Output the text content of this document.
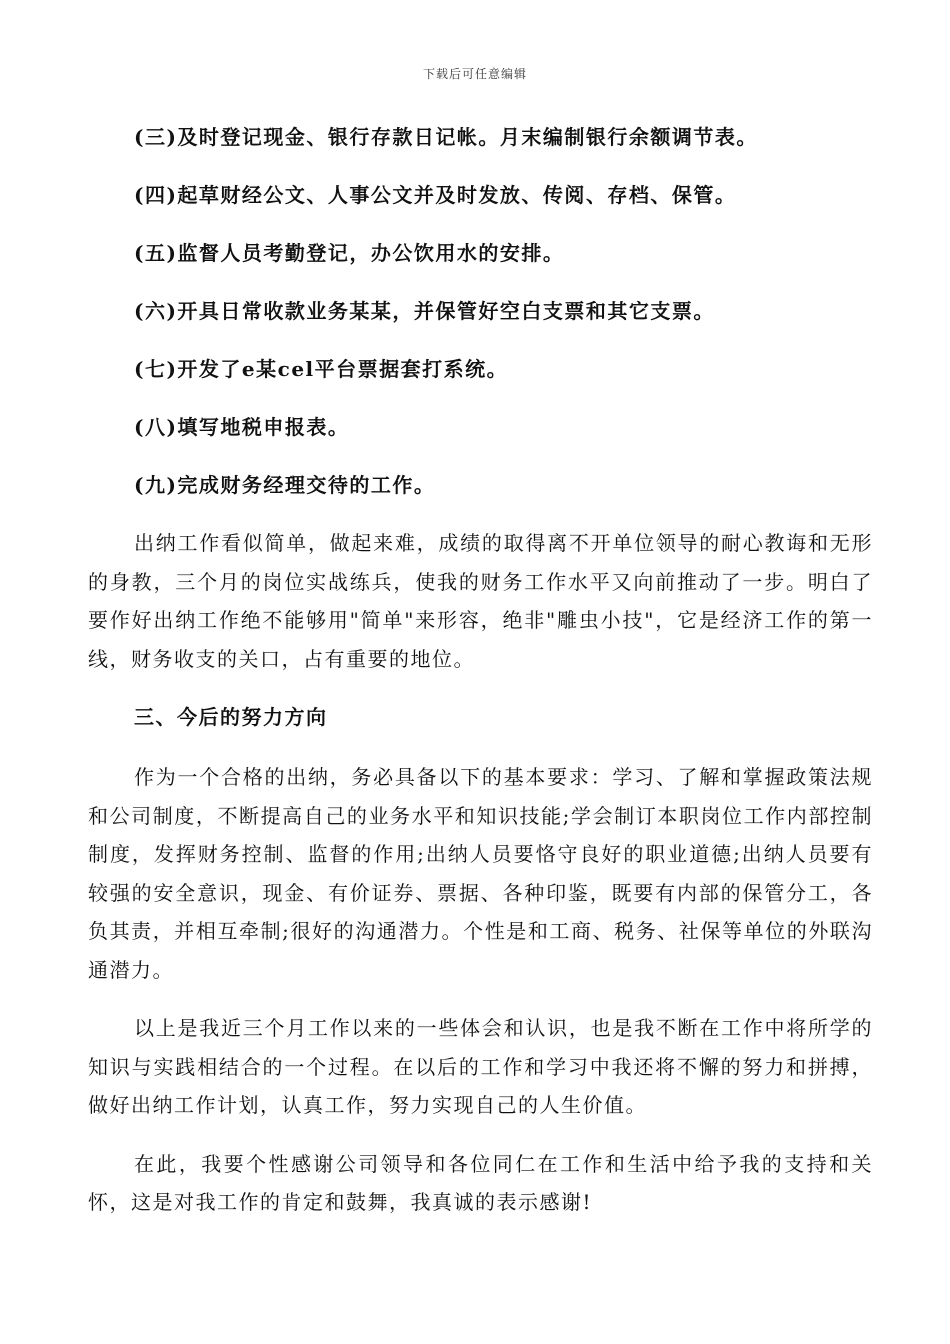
下载后可任意编辑
(三)及时登记现金、银行存款日记帐。月末编制银行余额调节表。
(四)起草财经公文、人事公文并及时发放、传阅、存档、保管。
(五)监督人员考勤登记，办公饮用水的安排。
(六)开具日常收款业务某某，并保管好空白支票和其它支票。
(七)开发了e某cel平台票据套打系统。
(八)填写地税申报表。
(九)完成财务经理交待的工作。

出纳工作看似简单，做起来难，成绩的取得离不开单位领导的耐心教诲和无形的身教，三个月的岗位实战练兵，使我的财务工作水平又向前推动了一步。明白了要作好出纳工作绝不能够用"简单"来形容，绝非"雕虫小技"，它是经济工作的第一线，财务收支的关口，占有重要的地位。

三、今后的努力方向

作为一个合格的出纳，务必具备以下的基本要求：学习、了解和掌握政策法规和公司制度，不断提高自己的业务水平和知识技能;学会制订本职岗位工作内部控制制度，发挥财务控制、监督的作用;出纳人员要恪守良好的职业道德;出纳人员要有较强的安全意识，现金、有价证券、票据、各种印鉴，既要有内部的保管分工，各负其责，并相互牵制;很好的沟通潜力。个性是和工商、税务、社保等单位的外联沟通潜力。

以上是我近三个月工作以来的一些体会和认识，也是我不断在工作中将所学的知识与实践相结合的一个过程。在以后的工作和学习中我还将不懈的努力和拼搏，做好出纳工作计划，认真工作，努力实现自己的人生价值。

在此，我要个性感谢公司领导和各位同仁在工作和生活中给予我的支持和关怀，这是对我工作的肯定和鼓舞，我真诚的表示感谢!
